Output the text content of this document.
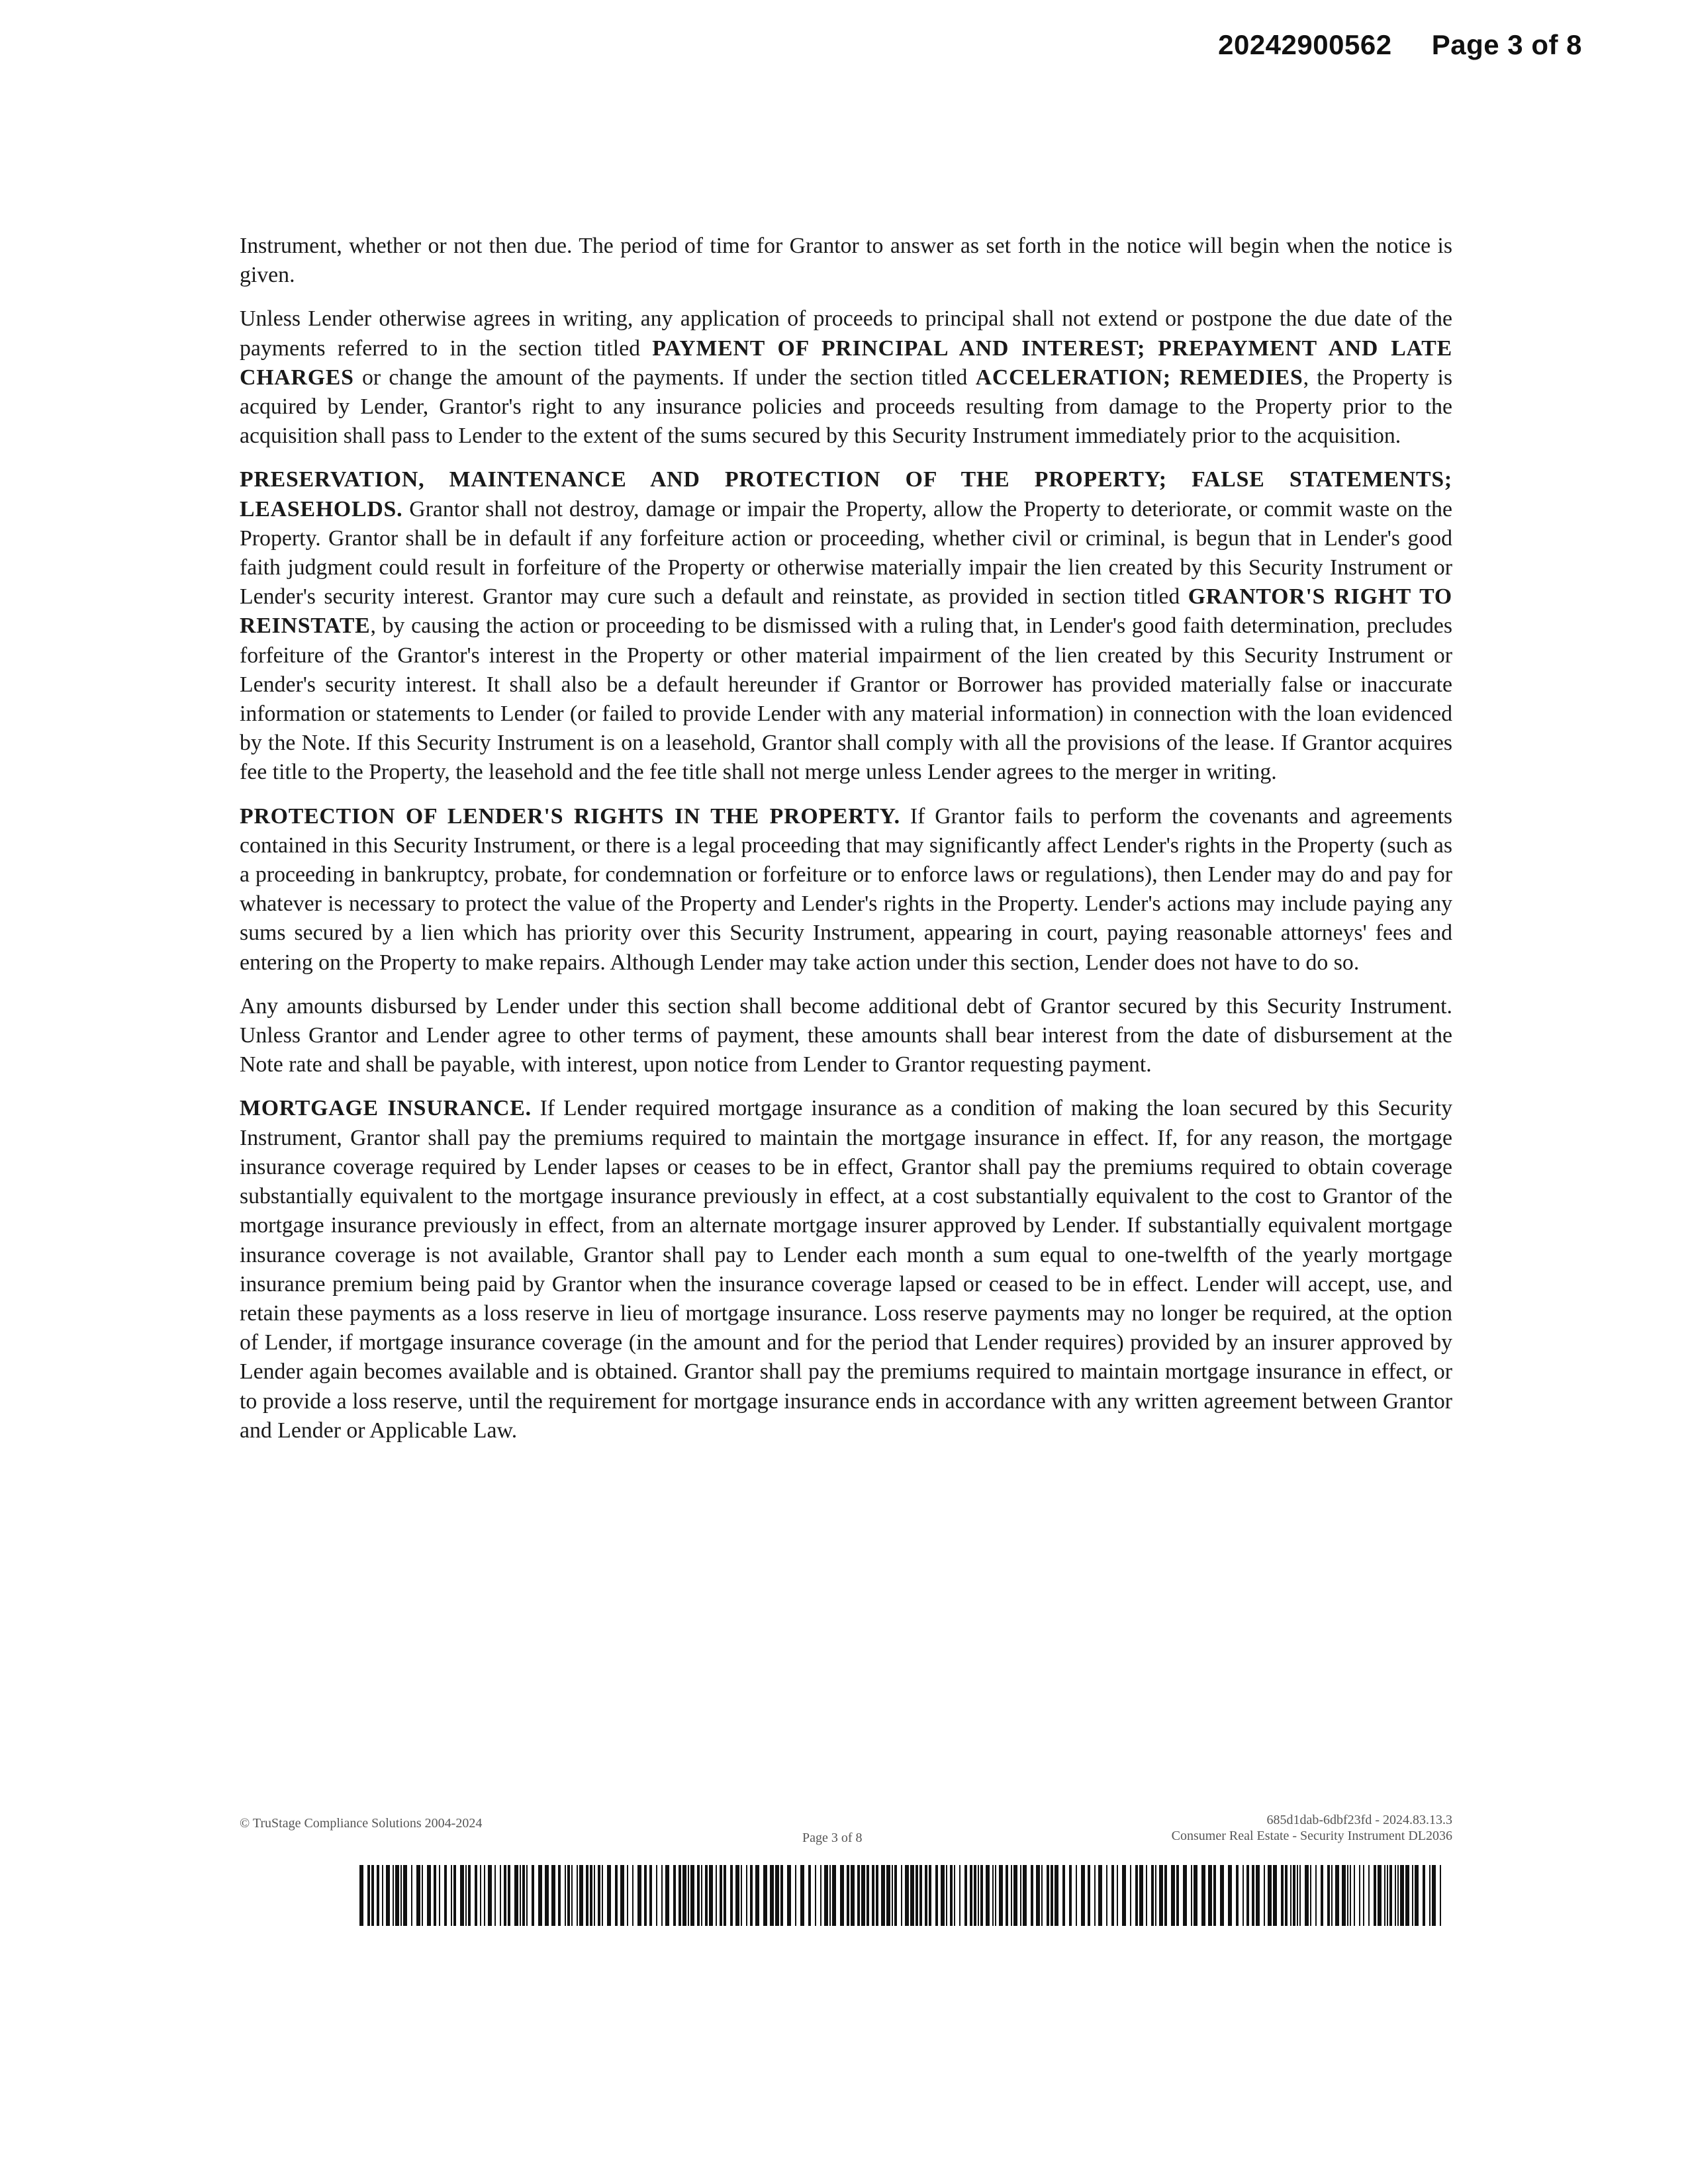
20242900562 Page 3 of 8

Instrument, whether or not then due. The period of time for Grantor to answer as set forth in the notice will begin when the notice is given.

Unless Lender otherwise agrees in writing, any application of proceeds to principal shall not extend or postpone the due date of the payments referred to in the section titled PAYMENT OF PRINCIPAL AND INTEREST; PREPAYMENT AND LATE CHARGES or change the amount of the payments. If under the section titled ACCELERATION; REMEDIES, the Property is acquired by Lender, Grantor's right to any insurance policies and proceeds resulting from damage to the Property prior to the acquisition shall pass to Lender to the extent of the sums secured by this Security Instrument immediately prior to the acquisition.

PRESERVATION, MAINTENANCE AND PROTECTION OF THE PROPERTY; FALSE STATEMENTS; LEASEHOLDS. Grantor shall not destroy, damage or impair the Property, allow the Property to deteriorate, or commit waste on the Property. Grantor shall be in default if any forfeiture action or proceeding, whether civil or criminal, is begun that in Lender's good faith judgment could result in forfeiture of the Property or otherwise materially impair the lien created by this Security Instrument or Lender's security interest. Grantor may cure such a default and reinstate, as provided in section titled GRANTOR'S RIGHT TO REINSTATE, by causing the action or proceeding to be dismissed with a ruling that, in Lender's good faith determination, precludes forfeiture of the Grantor's interest in the Property or other material impairment of the lien created by this Security Instrument or Lender's security interest. It shall also be a default hereunder if Grantor or Borrower has provided materially false or inaccurate information or statements to Lender (or failed to provide Lender with any material information) in connection with the loan evidenced by the Note. If this Security Instrument is on a leasehold, Grantor shall comply with all the provisions of the lease. If Grantor acquires fee title to the Property, the leasehold and the fee title shall not merge unless Lender agrees to the merger in writing.

PROTECTION OF LENDER'S RIGHTS IN THE PROPERTY. If Grantor fails to perform the covenants and agreements contained in this Security Instrument, or there is a legal proceeding that may significantly affect Lender's rights in the Property (such as a proceeding in bankruptcy, probate, for condemnation or forfeiture or to enforce laws or regulations), then Lender may do and pay for whatever is necessary to protect the value of the Property and Lender's rights in the Property. Lender's actions may include paying any sums secured by a lien which has priority over this Security Instrument, appearing in court, paying reasonable attorneys' fees and entering on the Property to make repairs. Although Lender may take action under this section, Lender does not have to do so.

Any amounts disbursed by Lender under this section shall become additional debt of Grantor secured by this Security Instrument. Unless Grantor and Lender agree to other terms of payment, these amounts shall bear interest from the date of disbursement at the Note rate and shall be payable, with interest, upon notice from Lender to Grantor requesting payment.

MORTGAGE INSURANCE. If Lender required mortgage insurance as a condition of making the loan secured by this Security Instrument, Grantor shall pay the premiums required to maintain the mortgage insurance in effect. If, for any reason, the mortgage insurance coverage required by Lender lapses or ceases to be in effect, Grantor shall pay the premiums required to obtain coverage substantially equivalent to the mortgage insurance previously in effect, at a cost substantially equivalent to the cost to Grantor of the mortgage insurance previously in effect, from an alternate mortgage insurer approved by Lender. If substantially equivalent mortgage insurance coverage is not available, Grantor shall pay to Lender each month a sum equal to one-twelfth of the yearly mortgage insurance premium being paid by Grantor when the insurance coverage lapsed or ceased to be in effect. Lender will accept, use, and retain these payments as a loss reserve in lieu of mortgage insurance. Loss reserve payments may no longer be required, at the option of Lender, if mortgage insurance coverage (in the amount and for the period that Lender requires) provided by an insurer approved by Lender again becomes available and is obtained. Grantor shall pay the premiums required to maintain mortgage insurance in effect, or to provide a loss reserve, until the requirement for mortgage insurance ends in accordance with any written agreement between Grantor and Lender or Applicable Law.

© TruStage Compliance Solutions 2004-2024
Page 3 of 8
685d1dab-6dbf23fd - 2024.83.13.3
Consumer Real Estate - Security Instrument DL2036
